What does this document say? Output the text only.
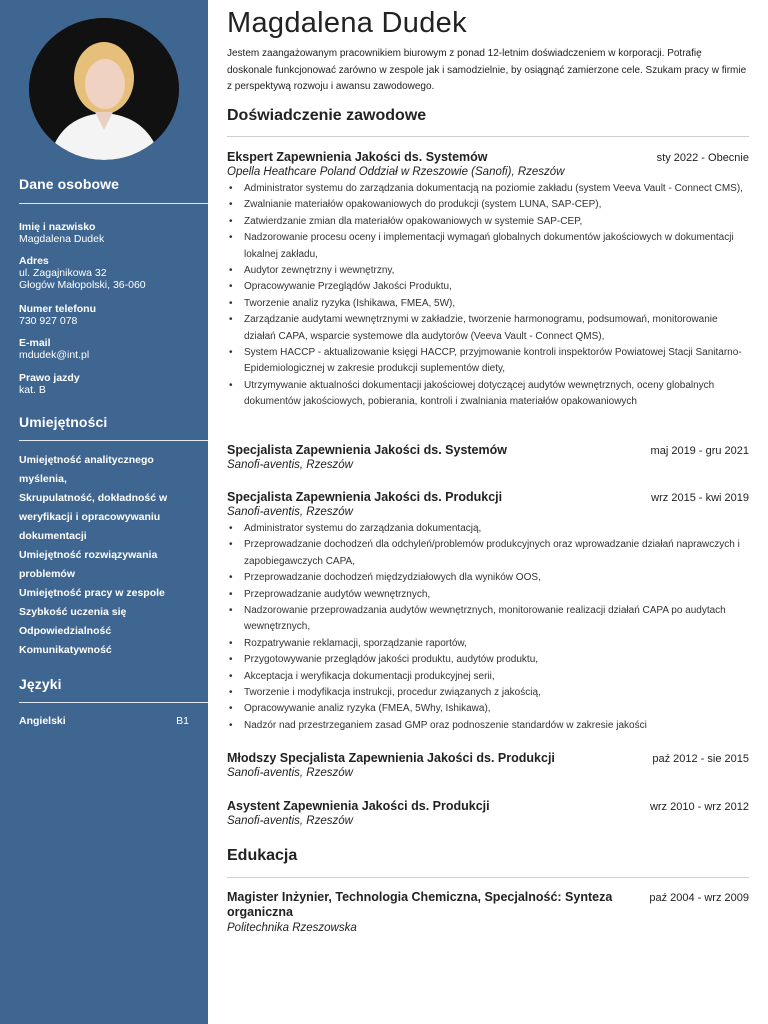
Dane osobowe
Imię i nazwisko
Magdalena Dudek
Adres
ul. Zagajnikowa 32
Głogów Małopolski, 36-060
Numer telefonu
730 927 078
E-mail
mdudek@int.pl
Prawo jazdy
kat. B
Umiejętności
Umiejętność analitycznego myślenia,
Skrupulatność, dokładność w weryfikacji i opracowywaniu dokumentacji
Umiejętność rozwiązywania problemów
Umiejętność pracy w zespole
Szybkość uczenia się
Odpowiedzialność
Komunikatywność
Języki
Angielski	B1
Magdalena Dudek

Jestem zaangażowanym pracownikiem biurowym z ponad 12-letnim doświadczeniem w korporacji. Potrafię doskonale funkcjonować zarówno w zespole jak i samodzielnie, by osiągnąć zamierzone cele. Szukam pracy w firmie z perspektywą rozwoju i awansu zawodowego.

Doświadczenie zawodowe
Ekspert Zapewnienia Jakości ds. Systemów	sty 2022 - Obecnie
Opella Heathcare Poland Oddział w Rzeszowie (Sanofi), Rzeszów
• Administrator systemu do zarządzania dokumentacją na poziomie zakładu (system Veeva Vault - Connect CMS),
• Zwalnianie materiałów opakowaniowych do produkcji (system LUNA, SAP-CEP),
• Zatwierdzanie zmian dla materiałów opakowaniowych w systemie SAP-CEP,
• Nadzorowanie procesu oceny i implementacji wymagań globalnych dokumentów jakościowych w dokumentacji lokalnej zakładu,
• Audytor zewnętrzny i wewnętrzny,
• Opracowywanie Przeglądów Jakości Produktu,
• Tworzenie analiz ryzyka (Ishikawa, FMEA, 5W),
• Zarządzanie audytami wewnętrznymi w zakładzie, tworzenie harmonogramu, podsumowań, monitorowanie działań CAPA, wsparcie systemowe dla audytorów (Veeva Vault - Connect QMS),
• System HACCP - aktualizowanie księgi HACCP, przyjmowanie kontroli inspektorów Powiatowej Stacji Sanitarno-Epidemiologicznej w zakresie produkcji suplementów diety,
• Utrzymywanie aktualności dokumentacji jakościowej dotyczącej audytów wewnętrznych, oceny globalnych dokumentów jakościowych, pobierania, kontroli i zwalniania materiałów opakowaniowych
Specjalista Zapewnienia Jakości ds. Systemów	maj 2019 - gru 2021
Sanofi-aventis, Rzeszów
Specjalista Zapewnienia Jakości ds. Produkcji	wrz 2015 - kwi 2019
Sanofi-aventis, Rzeszów
• Administrator systemu do zarządzania dokumentacją,
• Przeprowadzanie dochodzeń dla odchyleń/problemów produkcyjnych oraz wprowadzanie działań naprawczych i zapobiegawczych CAPA,
• Przeprowadzanie dochodzeń międzydziałowych dla wyników OOS,
• Przeprowadzanie audytów wewnętrznych,
• Nadzorowanie przeprowadzania audytów wewnętrznych, monitorowanie realizacji działań CAPA po audytach wewnętrznych,
• Rozpatrywanie reklamacji, sporządzanie raportów,
• Przygotowywanie przeglądów jakości produktu, audytów produktu,
• Akceptacja i weryfikacja dokumentacji produkcyjnej serii,
• Tworzenie i modyfikacja instrukcji, procedur związanych z jakością,
• Opracowywanie analiz ryzyka (FMEA, 5Why, Ishikawa),
• Nadzór nad przestrzeganiem zasad GMP oraz podnoszenie standardów w zakresie jakości
Młodszy Specjalista Zapewnienia Jakości ds. Produkcji	paź 2012 - sie 2015
Sanofi-aventis, Rzeszów
Asystent Zapewnienia Jakości ds. Produkcji	wrz 2010 - wrz 2012
Sanofi-aventis, Rzeszów
Edukacja
Magister Inżynier, Technologia Chemiczna, Specjalność: Synteza organiczna
paź 2004 - wrz 2009
Politechnika Rzeszowska
